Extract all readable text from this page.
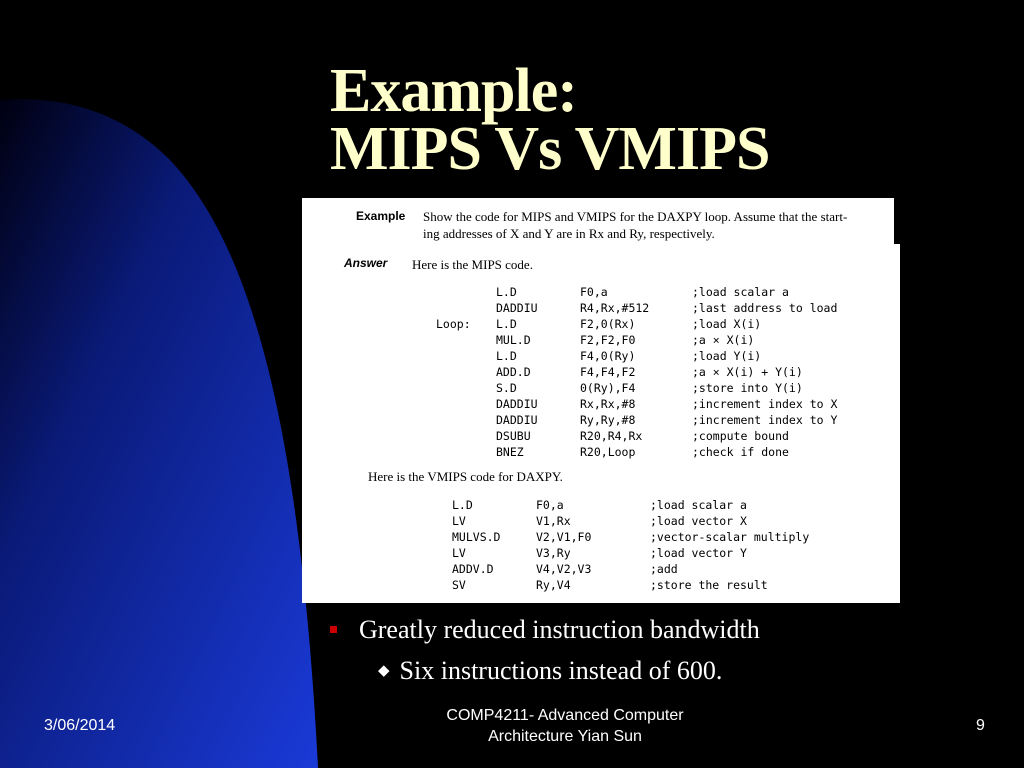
Example:
MIPS Vs VMIPS
Example Show the code for MIPS and VMIPS for the DAXPY loop. Assume that the start-
ing addresses of X and Y are in Rx and Ry, respectively.
Answer Here is the MIPS code.
L.D	F0,a	;load scalar a
DADDIU	R4,Rx,#512	;last address to load
Loop: L.D	F2,0(Rx)	;load X(i)
MUL.D	F2,F2,F0	;a × X(i)
L.D	F4,0(Ry)	;load Y(i)
ADD.D	F4,F4,F2	;a × X(i) + Y(i)
S.D	0(Ry),F4	;store into Y(i)
DADDIU	Rx,Rx,#8	;increment index to X
DADDIU	Ry,Ry,#8	;increment index to Y
DSUBU	R20,R4,Rx	;compute bound
BNEZ	R20,Loop	;check if done
Here is the VMIPS code for DAXPY.
L.D	F0,a	;load scalar a
LV	V1,Rx	;load vector X
MULVS.D	V2,V1,F0	;vector-scalar multiply
LV	V3,Ry	;load vector Y
ADDV.D	V4,V2,V3	;add
SV	Ry,V4	;store the result
Greatly reduced instruction bandwidth
◆ Six instructions instead of 600.
3/06/2014
COMP4211- Advanced Computer
Architecture Yian Sun
9
